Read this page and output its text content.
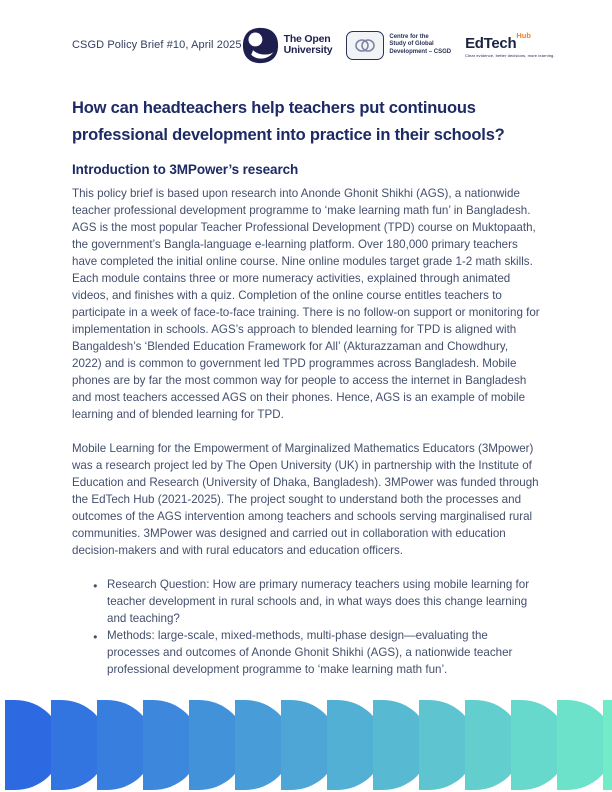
CSGD Policy Brief #10, April 2025	The Open
University
Centre for the
Study of Global
Development – CSGD EdTech$^{Hub}$
Clear evidence, better decisions, more learning.
How can headteachers help teachers put continuous professional development into practice in their schools?
Introduction to 3MPower’s research

This policy brief is based upon research into Anonde Ghonit Shikhi (AGS), a nationwide teacher professional development programme to ‘make learning math fun’ in Bangladesh. AGS is the most popular Teacher Professional Development (TPD) course on Muktopaath, the government’s Bangla-language e-learning platform. Over 180,000 primary teachers have completed the initial online course. Nine online modules target grade 1-2 math skills. Each module contains three or more numeracy activities, explained through animated videos, and finishes with a quiz. Completion of the online course entitles teachers to participate in a week of face-to-face training. There is no follow-on support or monitoring for implementation in schools. AGS’s approach to blended learning for TPD is aligned with Bangaldesh’s ‘Blended Education Framework for All’ (Akturazzaman and Chowdhury, 2022) and is common to government led TPD programmes across Bangladesh. Mobile phones are by far the most common way for people to access the internet in Bangladesh and most teachers accessed AGS on their phones. Hence, AGS is an example of mobile learning and of blended learning for TPD.

Mobile Learning for the Empowerment of Marginalized Mathematics Educators (3Mpower) was a research project led by The Open University (UK) in partnership with the Institute of Education and Research (University of Dhaka, Bangladesh). 3MPower was funded through the EdTech Hub (2021-2025). The project sought to understand both the processes and outcomes of the AGS intervention among teachers and schools serving marginalised rural communities. 3MPower was designed and carried out in collaboration with education decision-makers and with rural educators and education officers.

● Research Question: How are primary numeracy teachers using mobile learning for teacher development in rural schools and, in what ways does this change learning and teaching?
● Methods: large-scale, mixed-methods, multi-phase design—evaluating the processes and outcomes of Anonde Ghonit Shikhi (AGS), a nationwide teacher professional development programme to ‘make learning math fun’.
